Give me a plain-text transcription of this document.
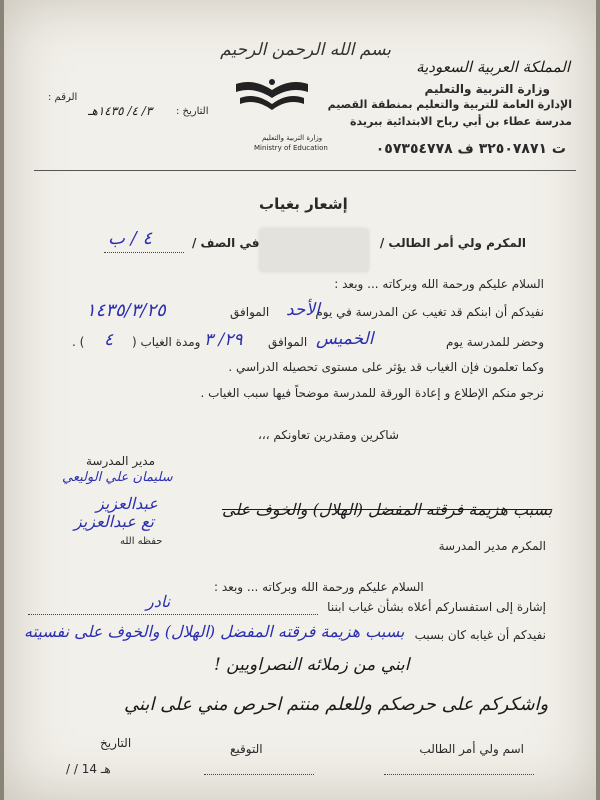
بسم الله الرحمن الرحيم
المملكة العربية السعودية
وزارة التربية والتعليم
الإدارة العامة للتربية والتعليم بمنطقة القصيم
مدرسة عطاء بن أبي رباح الابتدائية ببريدة
ت ٣٢٥٠٧٨٧١ ف ٠٥٧٣٥٤٧٧٨
وزارة التربية والتعليم
Ministry of Education
الرقم :
التاريخ :
٣/ ٤/ ١٤٣٥هـ
إشعار بغياب
المكرم ولي أمر الطالب /
في الصف /
٤ / ب
السلام عليكم ورحمة الله وبركاته ... وبعد :
نفيدكم أن ابنكم قد تغيب عن المدرسة في يوم
الأحد
الموافق
١٤٣٥/٣/٢٥
وحضر للمدرسة يوم
الخميس
الموافق
٢٩/ ٣
ومدة الغياب (
٤
) .
وكما تعلمون فإن الغياب قد يؤثر على مستوى تحصيله الدراسي .
نرجو منكم الإطلاع و إعادة الورقة للمدرسة موضحاً فيها سبب الغياب .
شاكرين ومقدرين تعاونكم ،،،
مدير المدرسة
سليمان علي الوليعي
عبدالعزيز
تع عبدالعزيز
بسبب هزيمة فرقته المفضل (الهلال) والخوف على
المكرم مدير المدرسة
حفظه الله
السلام عليكم ورحمة الله وبركاته ... وبعد :
إشارة إلى استفساركم أعلاه بشأن غياب ابننا
نادر
نفيدكم أن غيابه كان بسبب
بسبب هزيمة فرقته المفضل (الهلال) والخوف على نفسيته
ابني من زملائه النصراويين !
واشكركم على حرصكم وللعلم منتم احرص مني على ابني
اسم ولي أمر الطالب
التوقيع
التاريخ
/ / 14 هـ
